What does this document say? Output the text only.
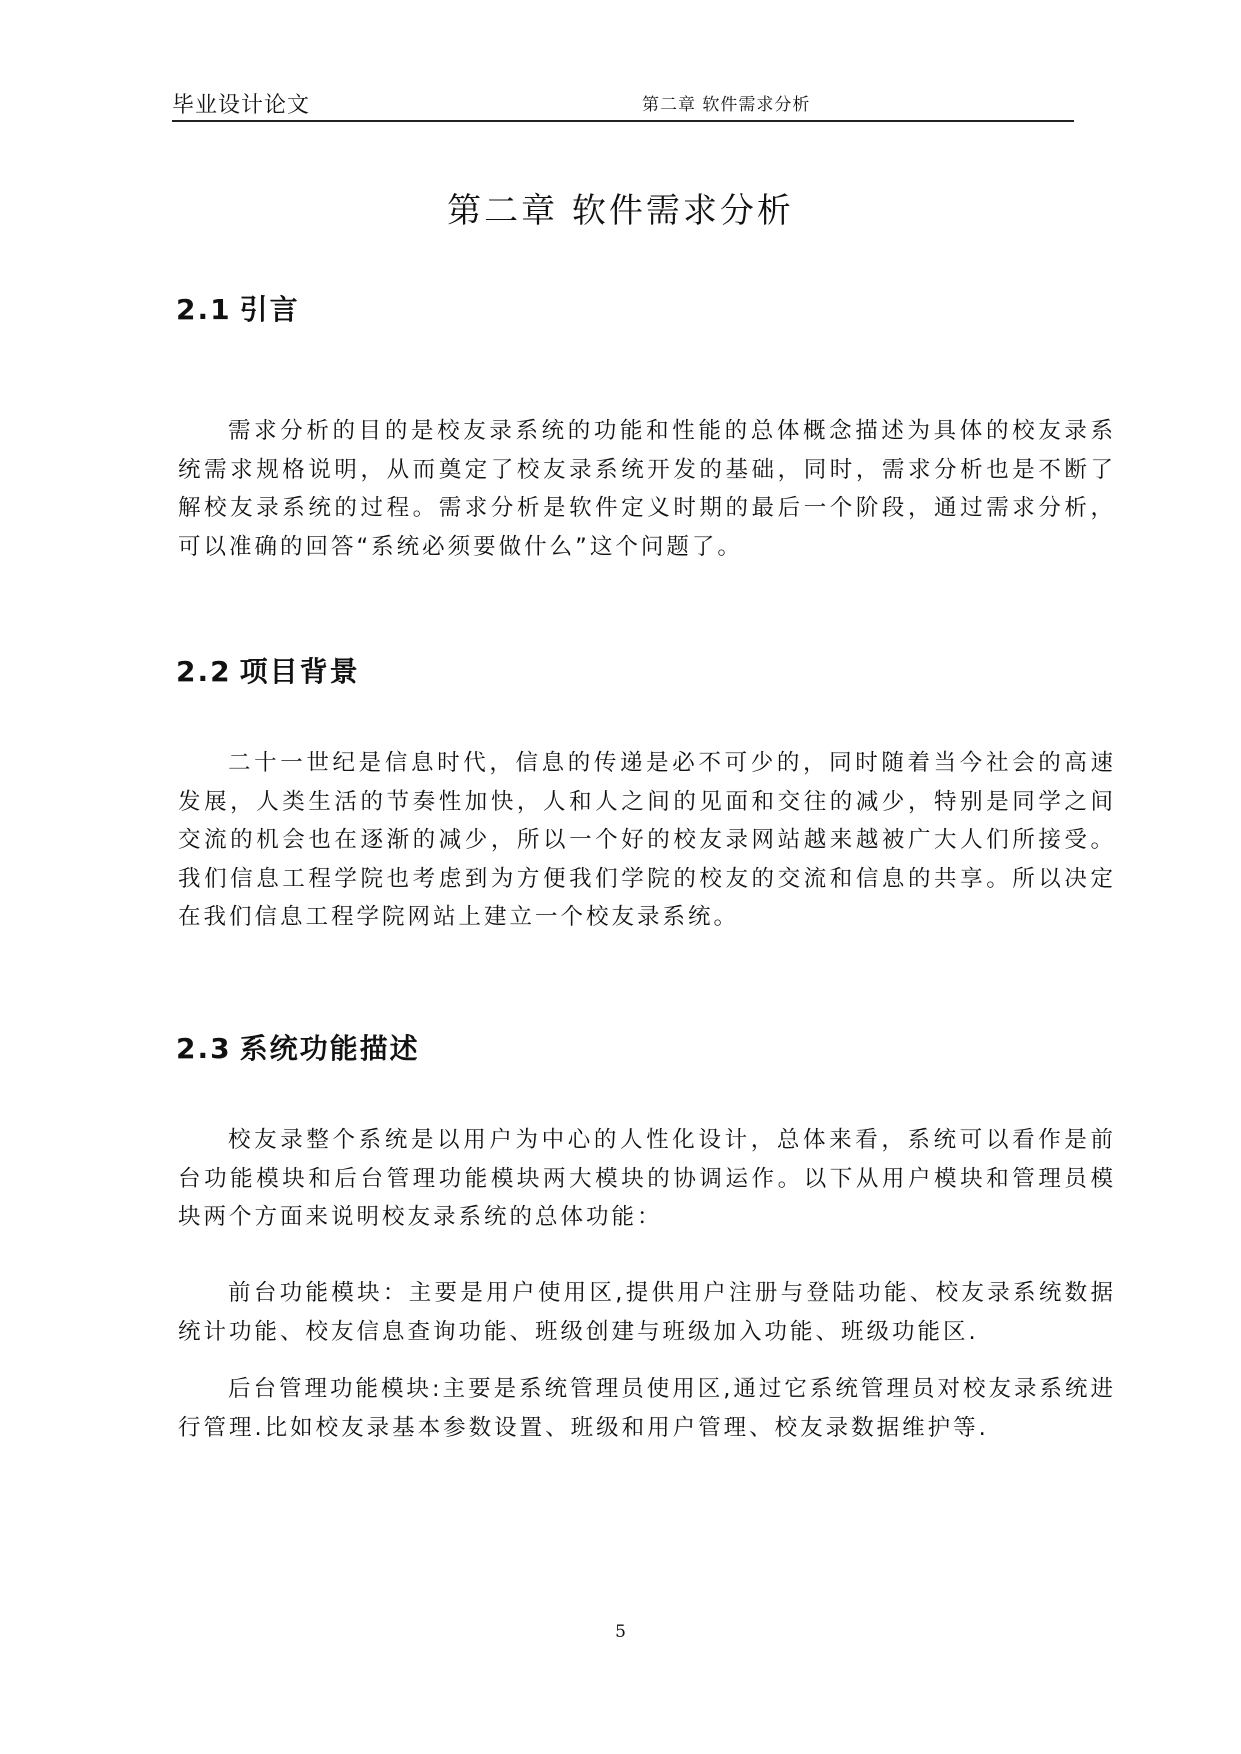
毕业设计论文	第二章 软件需求分析
第二章 软件需求分析
2.1 引言

需求分析的目的是校友录系统的功能和性能的总体概念描述为具体的校友录系统需求规格说明，从而奠定了校友录系统开发的基础，同时，需求分析也是不断了解校友录系统的过程。需求分析是软件定义时期的最后一个阶段，通过需求分析，可以准确的回答“系统必须要做什么”这个问题了。

2.2 项目背景

二十一世纪是信息时代，信息的传递是必不可少的，同时随着当今社会的高速发展，人类生活的节奏性加快，人和人之间的见面和交往的减少，特别是同学之间交流的机会也在逐渐的减少，所以一个好的校友录网站越来越被广大人们所接受。我们信息工程学院也考虑到为方便我们学院的校友的交流和信息的共享。所以决定在我们信息工程学院网站上建立一个校友录系统。

2.3 系统功能描述

校友录整个系统是以用户为中心的人性化设计，总体来看，系统可以看作是前台功能模块和后台管理功能模块两大模块的协调运作。以下从用户模块和管理员模块两个方面来说明校友录系统的总体功能：

前台功能模块：主要是用户使用区,提供用户注册与登陆功能、校友录系统数据统计功能、校友信息查询功能、班级创建与班级加入功能、班级功能区.

后台管理功能模块:主要是系统管理员使用区,通过它系统管理员对校友录系统进行管理.比如校友录基本参数设置、班级和用户管理、校友录数据维护等.

5
